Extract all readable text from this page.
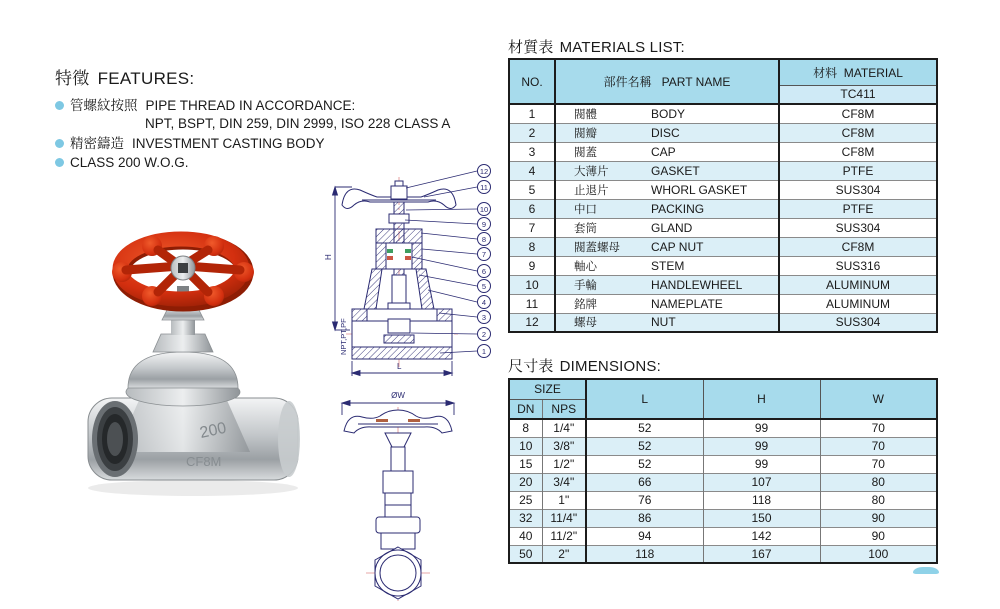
特徵 FEATURES:
管螺紋按照 PIPE THREAD IN ACCORDANCE:
NPT, BSPT, DIN 259, DIN 2999, ISO 228 CLASS A
精密鑄造 INVESTMENT CASTING BODY
CLASS 200 W.O.G.
200
CF8M
H
NPT,PT,PF
L
12
11
10
9
8
7
6
5
4
3
2
1
ØW
材質表 MATERIALS LIST:
NO.	部件名稱 PART NAME		材料 MATERIAL
			TC411
1	閥體	BODY	CF8M
2	閥瓣	DISC	CF8M
3	閥蓋	CAP	CF8M
4	大薄片	GASKET	PTFE
5	止退片	WHORL GASKET	SUS304
6	中口	PACKING	PTFE
7	套筒	GLAND	SUS304
8	閥蓋螺母	CAP NUT	CF8M
9	軸心	STEM	SUS316
10	手輪	HANDLEWHEEL	ALUMINUM
11	銘牌	NAMEPLATE	ALUMINUM
12	螺母	NUT	SUS304
尺寸表 DIMENSIONS:
SIZE		L	H	W
DN	NPS			
8	1/4"	52	99	70
10	3/8"	52	99	70
15	1/2"	52	99	70
20	3/4"	66	107	80
25	1"	76	118	80
32	11/4"	86	150	90
40	11/2"	94	142	90
50	2"	118	167	100
